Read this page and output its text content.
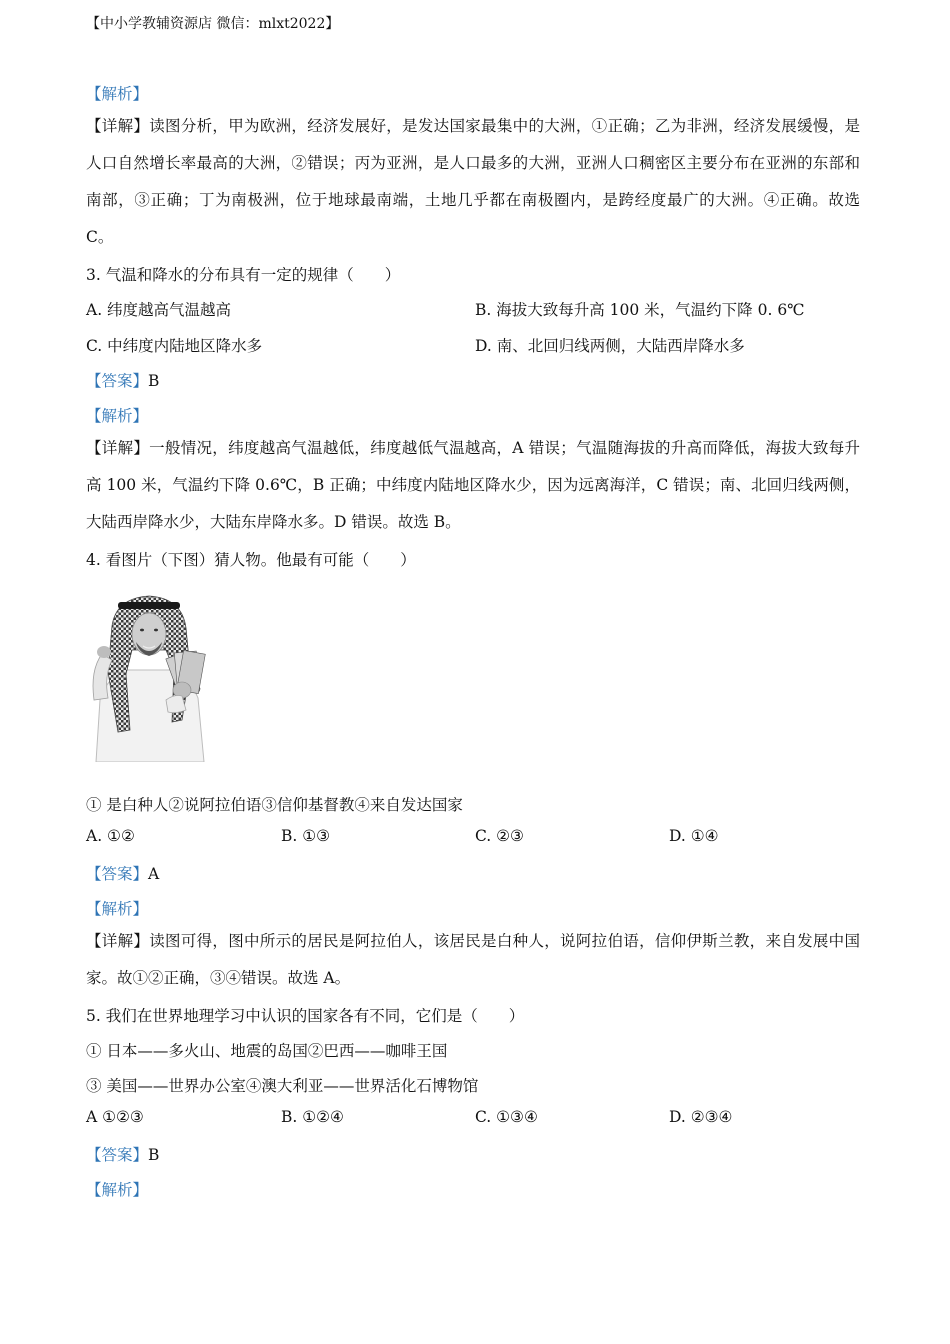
【中小学教辅资源店 微信：mlxt2022】
【解析】
【详解】读图分析，甲为欧洲，经济发展好，是发达国家最集中的大洲，①正确；乙为非洲，经济发展缓慢，是人口自然增长率最高的大洲，②错误；丙为亚洲，是人口最多的大洲，亚洲人口稠密区主要分布在亚洲的东部和南部，③正确；丁为南极洲，位于地球最南端，土地几乎都在南极圈内，是跨经度最广的大洲。④正确。故选 C。
3. 气温和降水的分布具有一定的规律（　　）
A. 纬度越高气温越高	B. 海拔大致每升高 100 米，气温约下降 0. 6℃
C. 中纬度内陆地区降水多	D. 南、北回归线两侧，大陆西岸降水多
【答案】B
【解析】
【详解】一般情况，纬度越高气温越低，纬度越低气温越高，A 错误；气温随海拔的升高而降低，海拔大致每升高 100 米，气温约下降 0.6℃，B 正确；中纬度内陆地区降水少，因为远离海洋，C 错误；南、北回归线两侧，大陆西岸降水少，大陆东岸降水多。D 错误。故选 B。
4. 看图片（下图）猜人物。他最有可能（　　）
① 是白种人②说阿拉伯语③信仰基督教④来自发达国家
A. ①②	B. ①③	C. ②③	D. ①④
【答案】A
【解析】
【详解】读图可得，图中所示的居民是阿拉伯人，该居民是白种人，说阿拉伯语，信仰伊斯兰教，来自发展中国家。故①②正确，③④错误。故选 A。
5. 我们在世界地理学习中认识的国家各有不同，它们是（　　）
① 日本——多火山、地震的岛国②巴西——咖啡王国
③ 美国——世界办公室④澳大利亚——世界活化石博物馆
A ①②③	B. ①②④	C. ①③④	D. ②③④
【答案】B
【解析】
